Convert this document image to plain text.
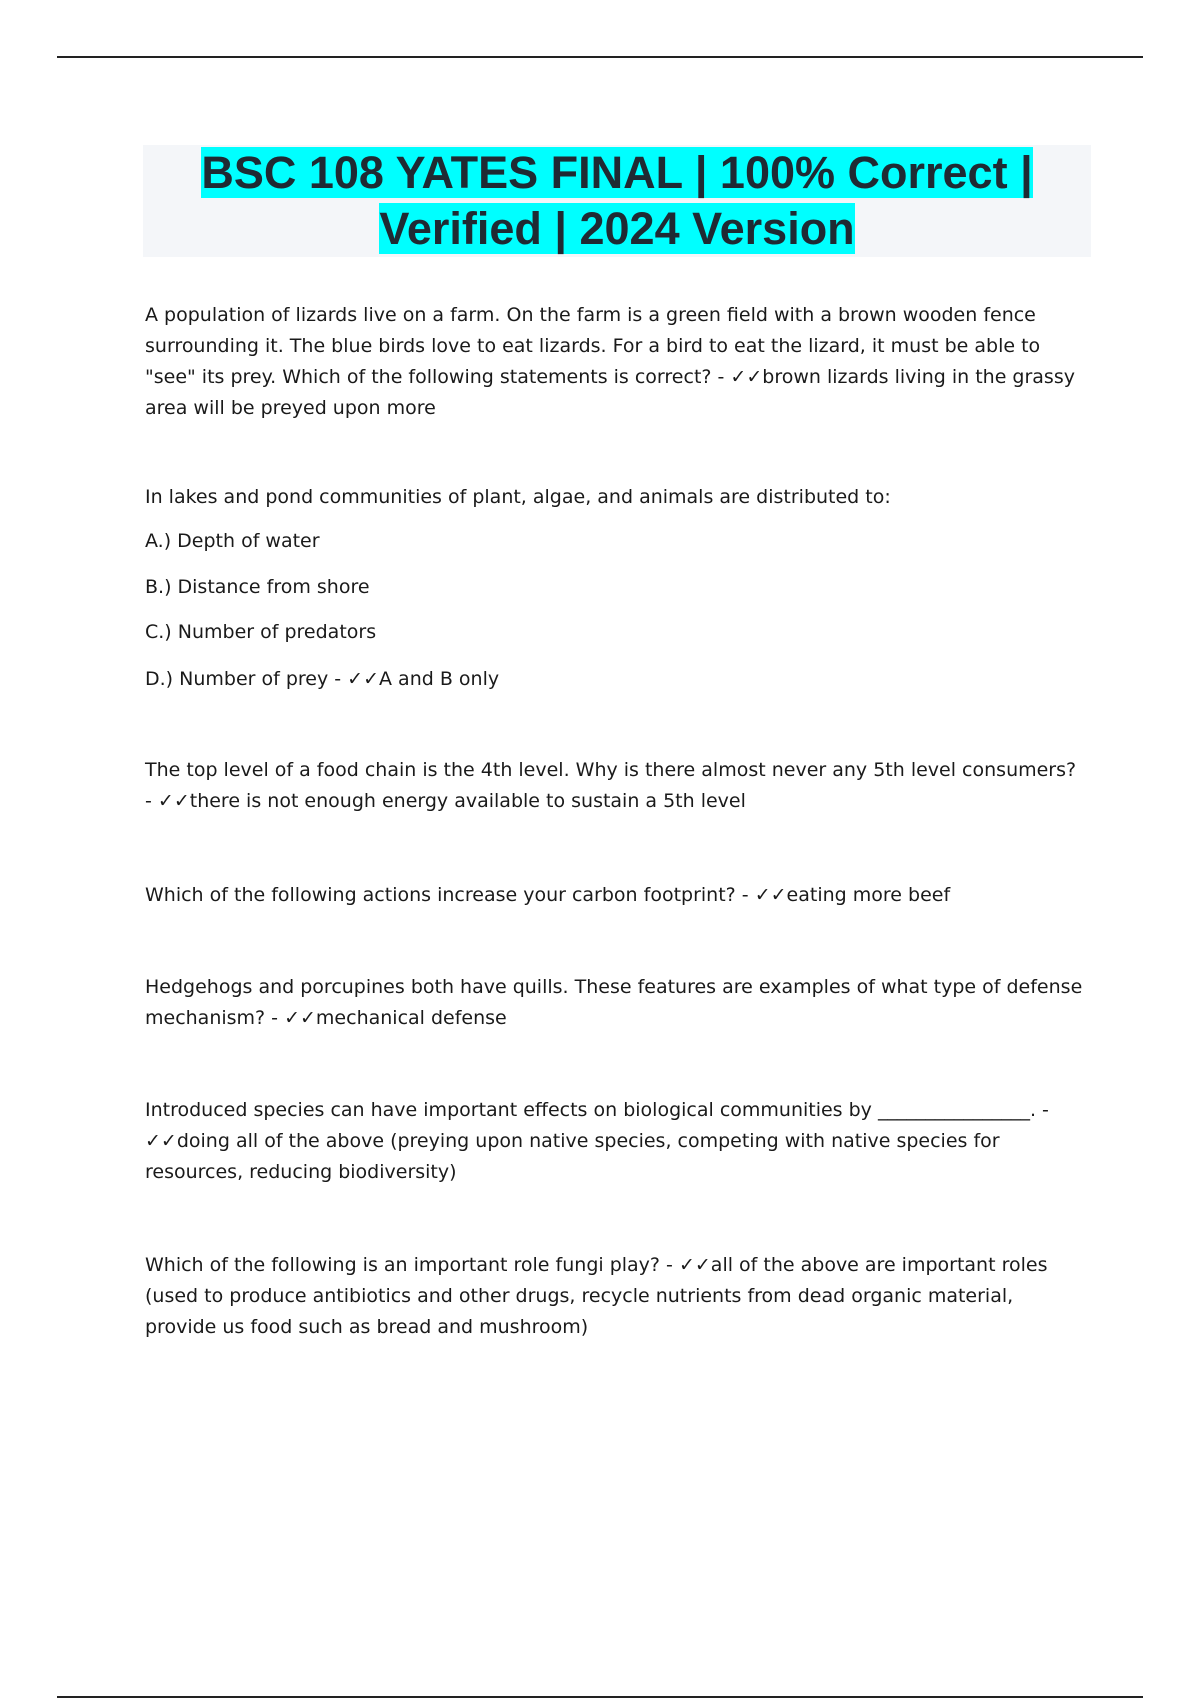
BSC 108 YATES FINAL | 100% Correct |
Verified | 2024 Version

A population of lizards live on a farm. On the farm is a green field with a brown wooden fence surrounding it. The blue birds love to eat lizards. For a bird to eat the lizard, it must be able to "see" its prey. Which of the following statements is correct? - ✓✓brown lizards living in the grassy area will be preyed upon more

In lakes and pond communities of plant, algae, and animals are distributed to:

A.) Depth of water

B.) Distance from shore

C.) Number of predators

D.) Number of prey - ✓✓A and B only

The top level of a food chain is the 4th level. Why is there almost never any 5th level consumers? - ✓✓there is not enough energy available to sustain a 5th level

Which of the following actions increase your carbon footprint? - ✓✓eating more beef

Hedgehogs and porcupines both have quills. These features are examples of what type of defense mechanism? - ✓✓mechanical defense

Introduced species can have important effects on biological communities by ________________. - ✓✓doing all of the above (preying upon native species, competing with native species for resources, reducing biodiversity)

Which of the following is an important role fungi play? - ✓✓all of the above are important roles (used to produce antibiotics and other drugs, recycle nutrients from dead organic material, provide us food such as bread and mushroom)
